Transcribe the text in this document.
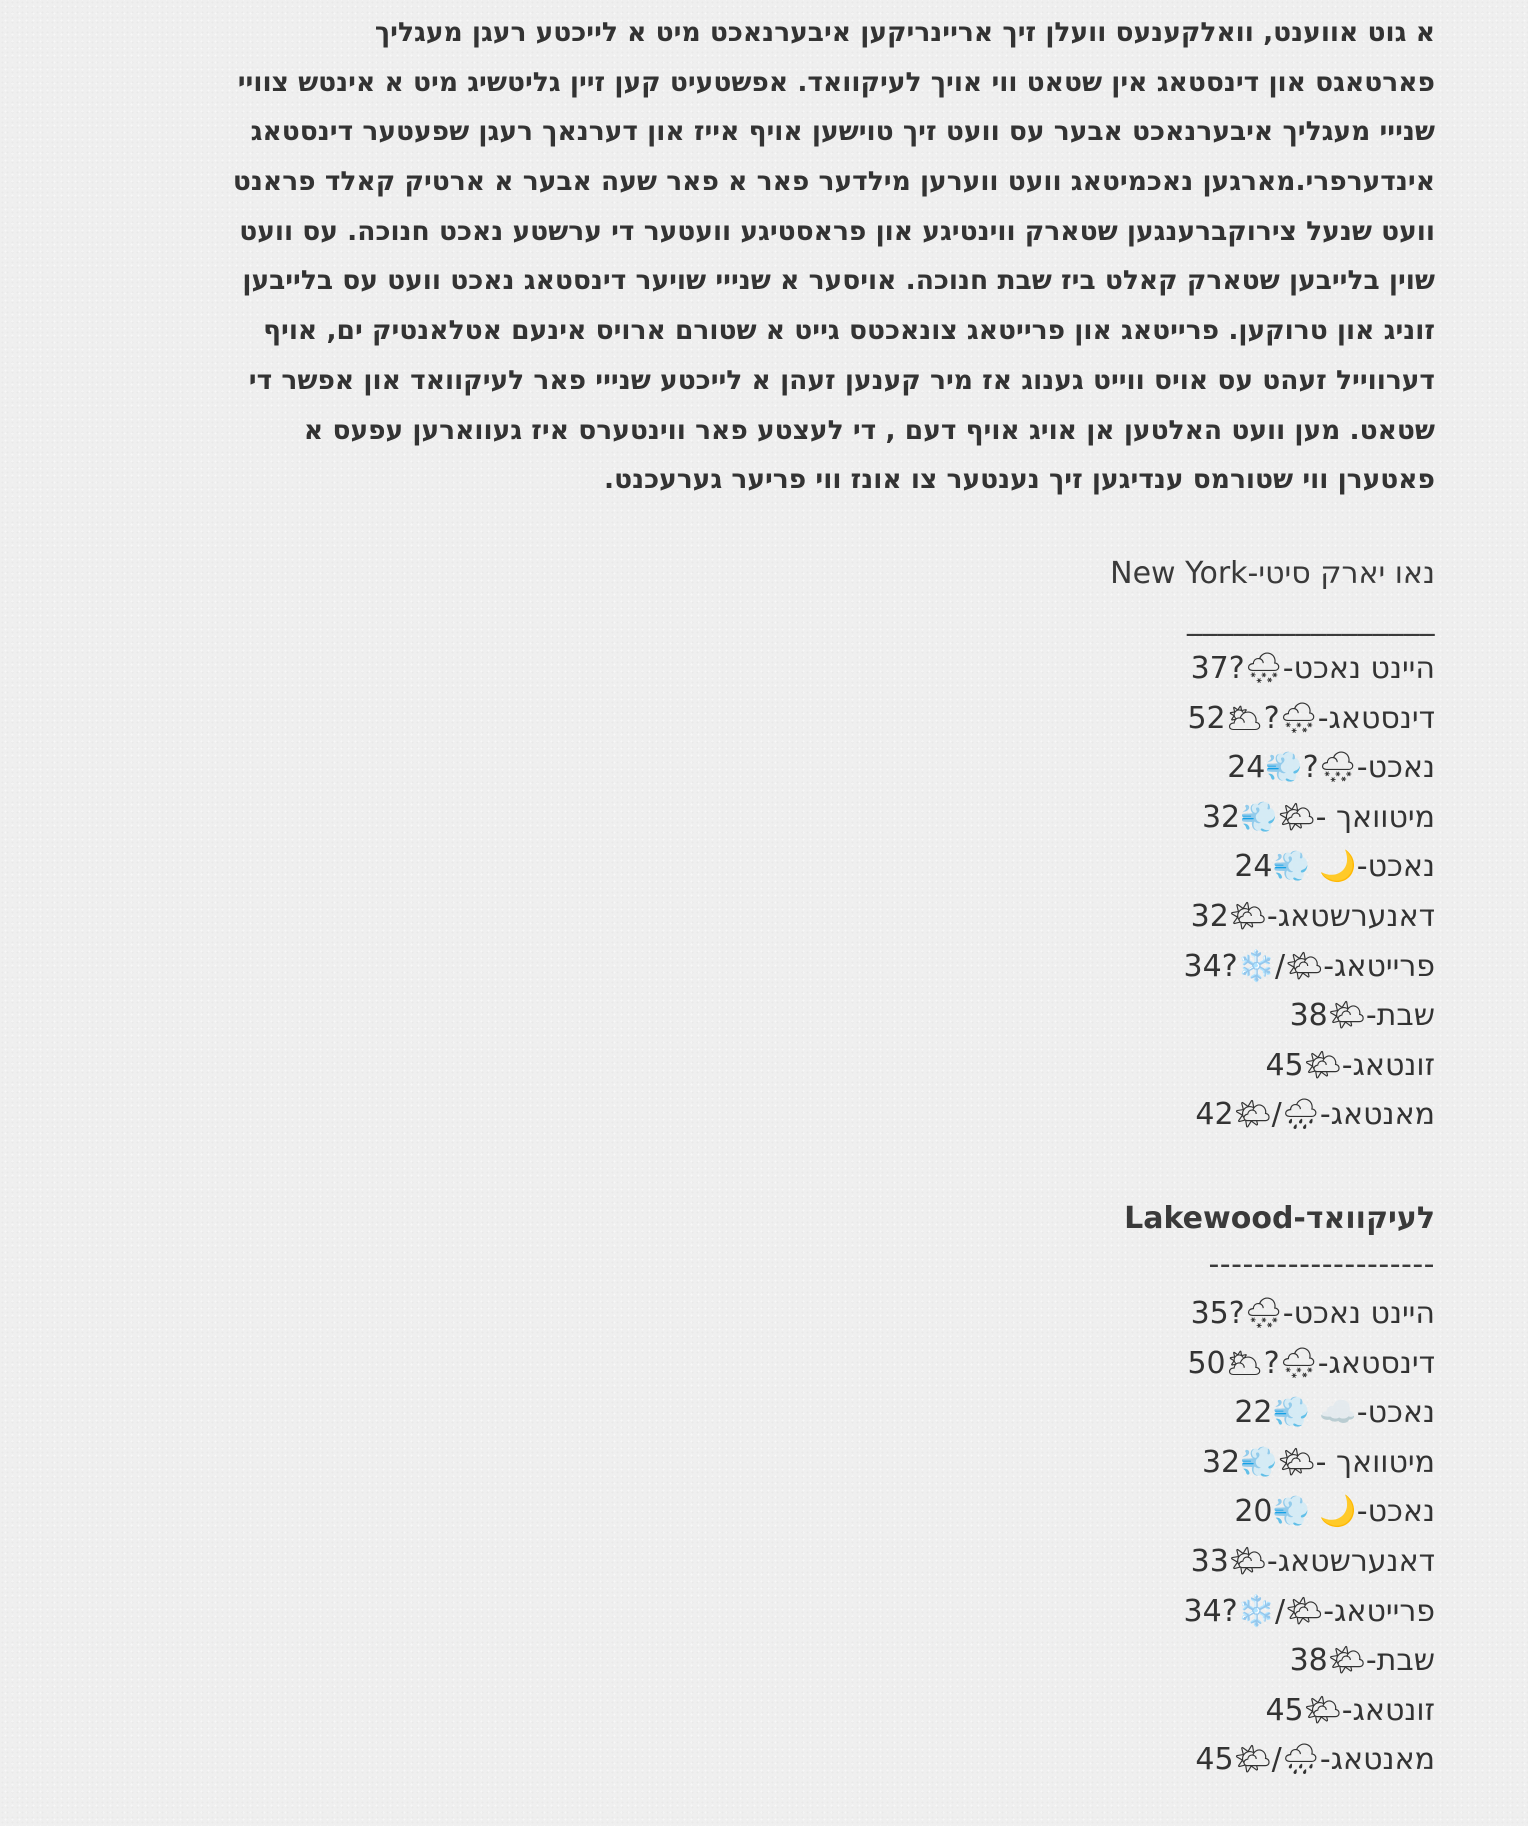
א גוט אווענט, וואלקענעס וועלן זיך אריינריקען איבערנאכט מיט א לייכטע רעגן מעגליך
פארטאגס און דינסטאג אין שטאט ווי אויך לעיקוואד. אפשטעיט קען זיין גליטשיג מיט א אינטש צוויי
שנייי מעגליך איבערנאכט אבער עס וועט זיך טוישען אויף אייז און דערנאך רעגן שפעטער דינסטאג
אינדערפרי.מארגען נאכמיטאג וועט ווערען מילדער פאר א פאר שעה אבער א ארטיק קאלד פראנט
וועט שנעל צירוקברענגען שטארק ווינטיגע און פראסטיגע וועטער די ערשטע נאכט חנוכה. עס וועט
שוין בלייבען שטארק קאלט ביז שבת חנוכה. אויסער א שנייי שויער דינסטאג נאכט וועט עס בלייבען
זוניג און טרוקען. פרייטאג און פרייטאג צונאכטס גייט א שטורם ארויס אינעם אטלאנטיק ים, אויף
דערווייל זעהט עס אויס ווייט גענוג אז מיר קענען זעהן א לייכטע שנייי פאר לעיקוואד און אפשר די
שטאט. מען וועט האלטען אן אויג אויף דעם , די לעצטע פאר ווינטערס איז געווארען עפעס א
פאטערן ווי שטורמס ענדיגען זיך נענטער צו אונז ווי פריער גערעכנט.
נאו יארק סיטי-New York
________________
היינט נאכט-🌨?37
דינסטאג-🌨?🌥52
נאכט-🌨?💨24
מיטוואך -🌤💨32
נאכט-🌙 💨24
דאנערשטאג-🌤32
פרייטאג-🌤/❄️?34
שבת-🌤38
זונטאג-🌤45
מאנטאג-🌧/🌤42
לעיקוואד-Lakewood
--------------------
היינט נאכט-🌨?35
דינסטאג-🌨?🌥50
נאכט-☁️ 💨22
מיטוואך -🌤💨32
נאכט-🌙 💨20
דאנערשטאג-🌤33
פרייטאג-🌤/❄️?34
שבת-🌤38
זונטאג-🌤45
מאנטאג-🌧/🌤45
